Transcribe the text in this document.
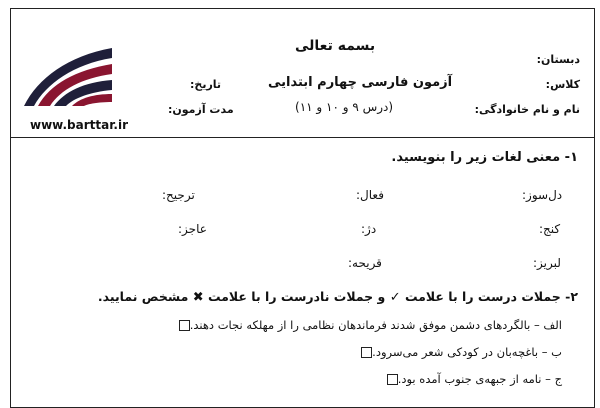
www.barttar.ir
بسمه تعالی
آزمون فارسی چهارم ابتدایی
(درس ۹ و ۱۰ و ۱۱)
دبستان:
کلاس:
نام و نام خانوادگی:
تاریخ:
مدت آزمون:
۱- معنی لغات زیر را بنویسید.
دل‌سوز:
فعال:
ترجیح:
کنج:
دژ:
عاجز:
لبریز:
قریحه:
۲- جملات درست را با علامت ✓ و جملات نادرست را با علامت ✖ مشخص نمایید.
الف – بالگردهای دشمن موفق شدند فرماندهان نظامی را از مهلکه نجات دهند.
ب – باغچه‌بان در کودکی شعر می‌سرود.
ج – نامه از جبهه‌ی جنوب آمده بود.
